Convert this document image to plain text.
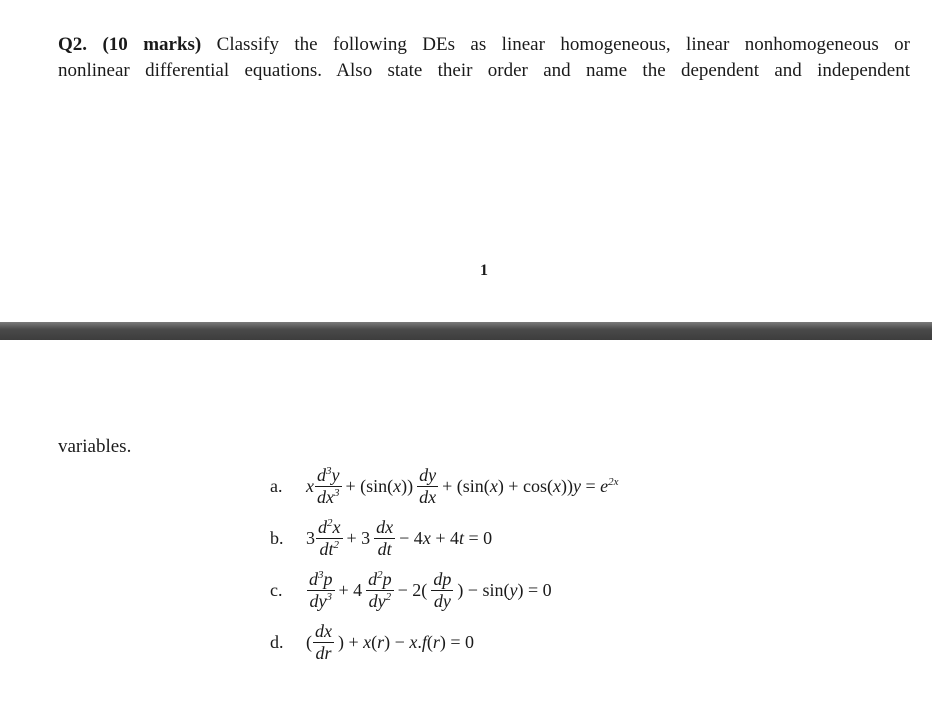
Q2. (10 marks) Classify the following DEs as linear homogeneous, linear nonhomogeneous or
nonlinear differential equations. Also state their order and name the dependent and independent
1
variables.
a.	x $\frac{d^3y}{dx^3} + (\sin(x)) \frac{dy}{dx} + (\sin(x) + \cos(x))y = e^{2x}$
b.	$3 \frac{d^2x}{dt^2} + 3 \frac{dx}{dt} - 4x + 4t = 0$
c.	$\frac{d^3p}{dy^3} + 4 \frac{d^2p}{dy^2} - 2( \frac{dp}{dy}$ ) − sin(y) = 0
d.	( $\frac{dx}{dr}$ ) + x(r) − x.f(r) = 0
